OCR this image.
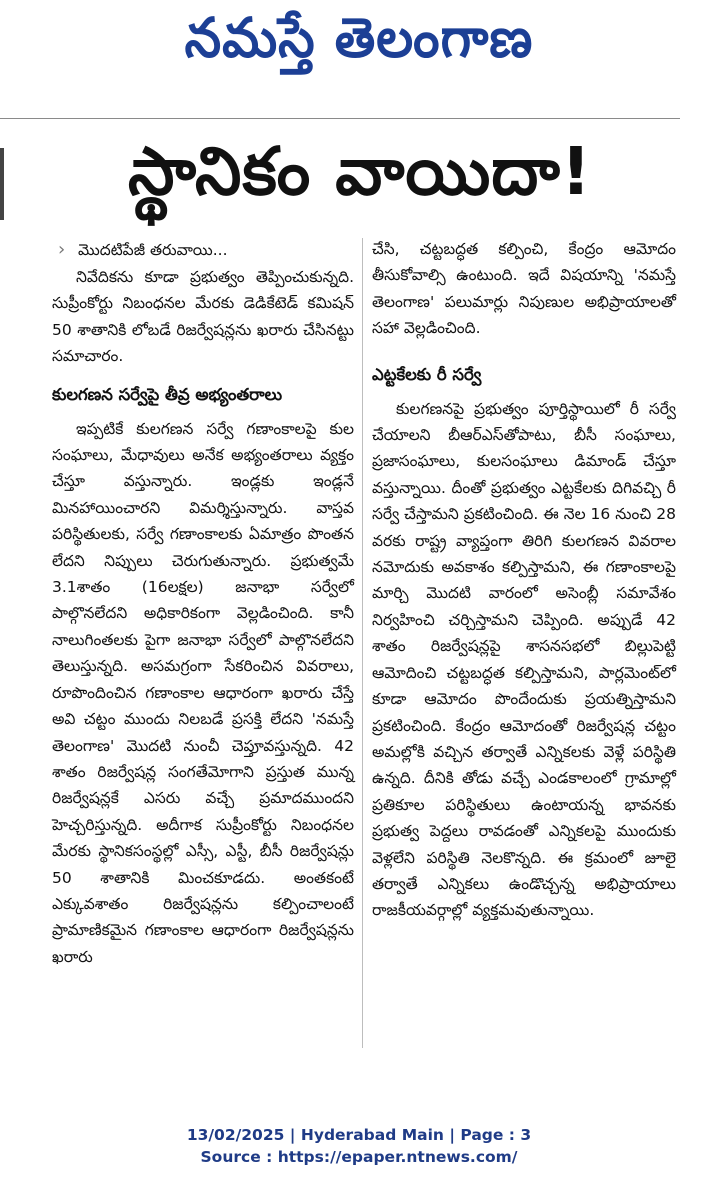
నమస్తే తెలంగాణ
స్థానికం వాయిదా!
› మొదటిపేజీ తరువాయి...

నివేదికను కూడా ప్రభుత్వం తెప్పించుకున్నది. సుప్రీంకోర్టు నిబంధనల మేరకు డెడికేటెడ్ కమిషన్ 50 శాతానికి లోబడే రిజర్వేషన్లను ఖరారు చేసినట్టు సమాచారం.

కులగణన సర్వేపై తీవ్ర అభ్యంతరాలు

ఇప్పటికే కులగణన సర్వే గణాంకాలపై కుల సంఘాలు, మేధావులు అనేక అభ్యంతరాలు వ్యక్తం చేస్తూ వస్తున్నారు. ఇండ్లకు ఇండ్లనే మినహాయించారని విమర్శిస్తున్నారు. వాస్తవ పరిస్థితులకు, సర్వే గణాంకాలకు ఏమాత్రం పొంతన లేదని నిప్పులు చెరుగుతున్నారు. ప్రభుత్వమే 3.1శాతం (16లక్షల) జనాభా సర్వేలో పాల్గొనలేదని అధికారికంగా వెల్లడించింది. కానీ నాలుగింతలకు పైగా జనాభా సర్వేలో పాల్గొనలేదని తెలుస్తున్నది. అసమగ్రంగా సేకరించిన వివరాలు, రూపొందించిన గణాంకాల ఆధారంగా ఖరారు చేస్తే అవి చట్టం ముందు నిలబడే ప్రసక్తి లేదని 'నమస్తే తెలంగాణ' మొదటి నుంచీ చెప్తూవస్తున్నది. 42 శాతం రిజర్వేషన్ల సంగతేమోగాని ప్రస్తుత మున్న రిజర్వేషన్లకే ఎసరు వచ్చే ప్రమాదముందని హెచ్చరిస్తున్నది. అదీగాక సుప్రీంకోర్టు నిబంధనల మేరకు స్థానికసంస్థల్లో ఎస్సీ, ఎస్టీ, బీసీ రిజర్వేషన్లు 50 శాతానికి మించకూడదు. అంతకంటే ఎక్కువశాతం రిజర్వేషన్లను కల్పించాలంటే ప్రామాణికమైన గణాంకాల ఆధారంగా రిజర్వేషన్లను ఖరారు

చేసి, చట్టబద్ధత కల్పించి, కేంద్రం ఆమోదం తీసుకోవాల్సి ఉంటుంది. ఇదే విషయాన్ని 'నమస్తే తెలంగాణ' పలుమార్లు నిపుణుల అభిప్రాయాలతో సహా వెల్లడించింది.

ఎట్టకేలకు రీ సర్వే

కులగణనపై ప్రభుత్వం పూర్తిస్థాయిలో రీ సర్వే చేయాలని బీఆర్ఎస్‌తోపాటు, బీసీ సంఘాలు, ప్రజాసంఘాలు, కులసంఘాలు డిమాండ్ చేస్తూ వస్తున్నాయి. దీంతో ప్రభుత్వం ఎట్టకేలకు దిగివచ్చి రీ సర్వే చేస్తామని ప్రకటించింది. ఈ నెల 16 నుంచి 28 వరకు రాష్ట్ర వ్యాప్తంగా తిరిగి కులగణన వివరాల నమోదుకు అవకాశం కల్పిస్తామని, ఈ గణాంకాలపై మార్చి మొదటి వారంలో అసెంబ్లీ సమావేశం నిర్వహించి చర్చిస్తామని చెప్పింది. అప్పుడే 42 శాతం రిజర్వేషన్లపై శాసనసభలో బిల్లుపెట్టి ఆమోదించి చట్టబద్ధత కల్పిస్తామని, పార్లమెంట్‌లో కూడా ఆమోదం పొందేందుకు ప్రయత్నిస్తామని ప్రకటించింది. కేంద్రం ఆమోదంతో రిజర్వేషన్ల చట్టం అమల్లోకి వచ్చిన తర్వాతే ఎన్నికలకు వెళ్లే పరిస్థితి ఉన్నది. దీనికి తోడు వచ్చే ఎండకాలంలో గ్రామాల్లో ప్రతికూల పరిస్థితులు ఉంటాయన్న భావనకు ప్రభుత్వ పెద్దలు రావడంతో ఎన్నికలపై ముందుకు వెళ్లలేని పరిస్థితి నెలకొన్నది. ఈ క్రమంలో జూలై తర్వాతే ఎన్నికలు ఉండొచ్చన్న అభిప్రాయాలు రాజకీయవర్గాల్లో వ్యక్తమవుతున్నాయి.

13/02/2025 | Hyderabad Main | Page : 3
Source : https://epaper.ntnews.com/
